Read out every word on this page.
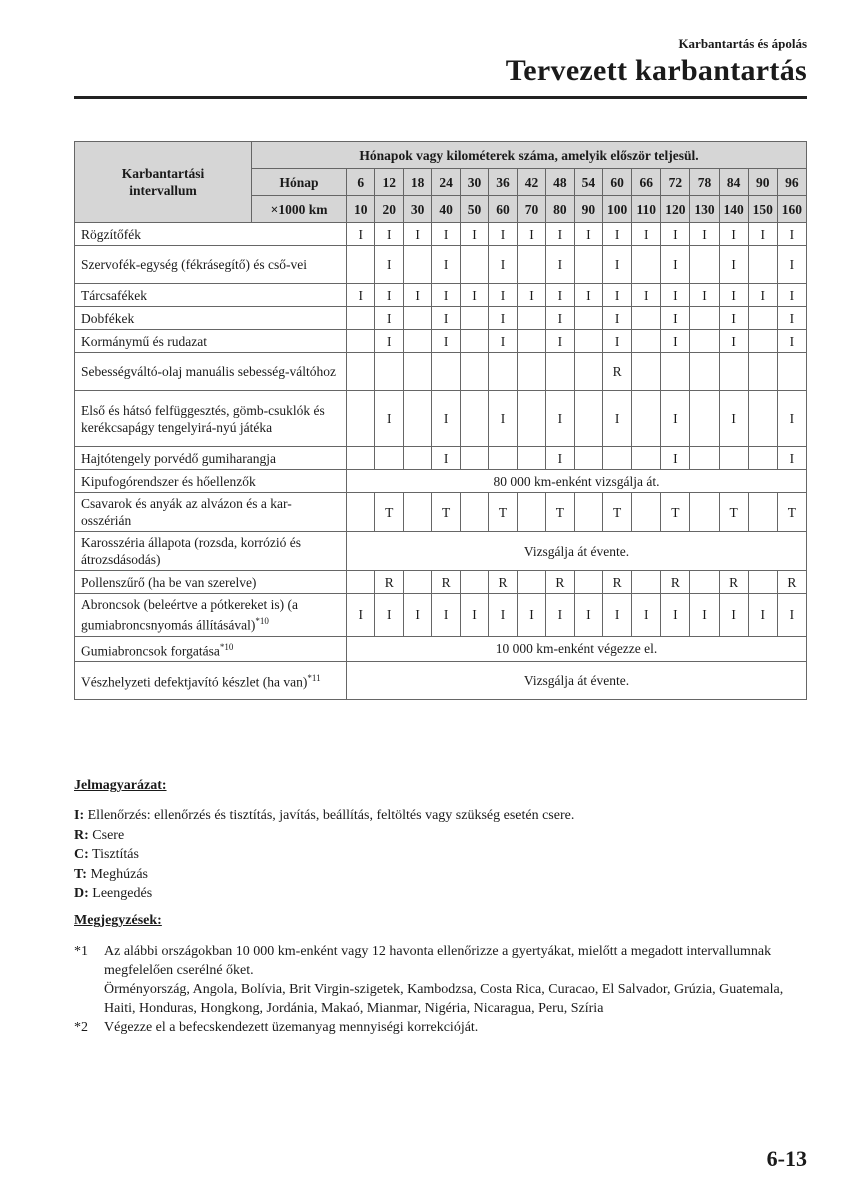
Karbantartás és ápolás
Tervezett karbantartás
Karbantartási intervallum	Hónapok vagy kilométerek száma, amelyik először teljesül.																
	Hónap	6	12	18	24	30	36	42	48	54	60	66	72	78	84	90	96
	×1000 km	10	20	30	40	50	60	70	80	90	100	110	120	130	140	150	160
Rögzítőfék		I	I	I	I	I	I	I	I	I	I	I	I	I	I	I	I
Szervofék-egység (fékrásegítő) és cső-vei			I		I		I		I		I		I		I		I
Tárcsafékek		I	I	I	I	I	I	I	I	I	I	I	I	I	I	I	I
Dobfékek			I		I		I		I		I		I		I		I
Kormánymű és rudazat			I		I		I		I		I		I		I		I
Sebességváltó-olaj manuális sebesség-váltóhoz											R						
Első és hátsó felfüggesztés, gömb-csuklók és kerékcsapágy tengelyirá-nyú játéka			I		I		I		I		I		I		I		I
Hajtótengely porvédő gumiharangja					I				I				I				I
Kipufogórendszer és hőellenzők		80 000 km-enként vizsgálja át.															
Csavarok és anyák az alvázon és a kar-osszérián			T		T		T		T		T		T		T		T
Karosszéria állapota (rozsda, korrózió és átrozsdásodás)		Vizsgálja át évente.															
Pollenszűrő (ha be van szerelve)			R		R		R		R		R		R		R		R
Abroncsok (beleértve a pótkereket is) (a gumiabroncsnyomás állításával)$^{*10}$		I	I	I	I	I	I	I	I	I	I	I	I	I	I	I	I
Gumiabroncsok forgatása$^{*10}$		10 000 km-enként végezze el.															
Vészhelyzeti defektjavító készlet (ha van)$^{*11}$		Vizsgálja át évente.															
Jelmagyarázat:
I: Ellenőrzés: ellenőrzés és tisztítás, javítás, beállítás, feltöltés vagy szükség esetén csere.
R: Csere
C: Tisztítás
T: Meghúzás
D: Leengedés
Megjegyzések:
*1	Az alábbi országokban 10 000 km-enként vagy 12 havonta ellenőrizze a gyertyákat, mielőtt a megadott intervallumnak megfelelően cserélné őket.
Örményország, Angola, Bolívia, Brit Virgin-szigetek, Kambodzsa, Costa Rica, Curacao, El Salvador, Grúzia, Guatemala, Haiti, Honduras, Hongkong, Jordánia, Makaó, Mianmar, Nigéria, Nicaragua, Peru, Szíria
*2	Végezze el a befecskendezett üzemanyag mennyiségi korrekcióját.
6-13
